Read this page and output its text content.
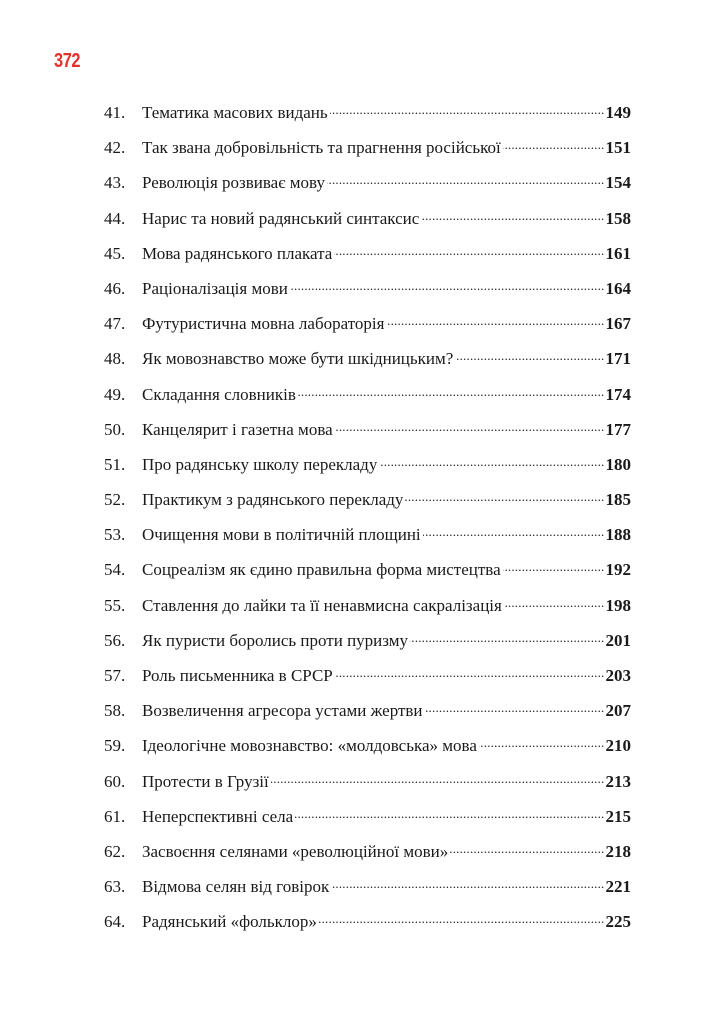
372
41. Тематика масових видань .....	149
42. Так звана добровільність та прагнення російської .....	151
43. Революція розвиває мову .....	154
44. Нарис та новий радянський синтаксис .....	158
45. Мова радянського плаката .....	161
46. Раціоналізація мови .....	164
47. Футуристична мовна лабораторія .....	167
48. Як мовознавство може бути шкідницьким? .....	171
49. Складання словників .....	174
50. Канцелярит і газетна мова .....	177
51. Про радянську школу перекладу .....	180
52. Практикум з радянського перекладу .....	185
53. Очищення мови в політичній площині .....	188
54. Соцреалізм як єдино правильна форма мистецтва .....	192
55. Ставлення до лайки та її ненавмисна сакралізація .....	198
56. Як пуристи боролись проти пуризму .....	201
57. Роль письменника в СРСР .....	203
58. Возвеличення агресора устами жертви .....	207
59. Ідеологічне мовознавство: «молдовська» мова .....	210
60. Протести в Грузії .....	213
61. Неперспективні села .....	215
62. Засвоєння селянами «революційної мови» .....	218
63. Відмова селян від говірок .....	221
64. Радянський «фольклор» .....	225
